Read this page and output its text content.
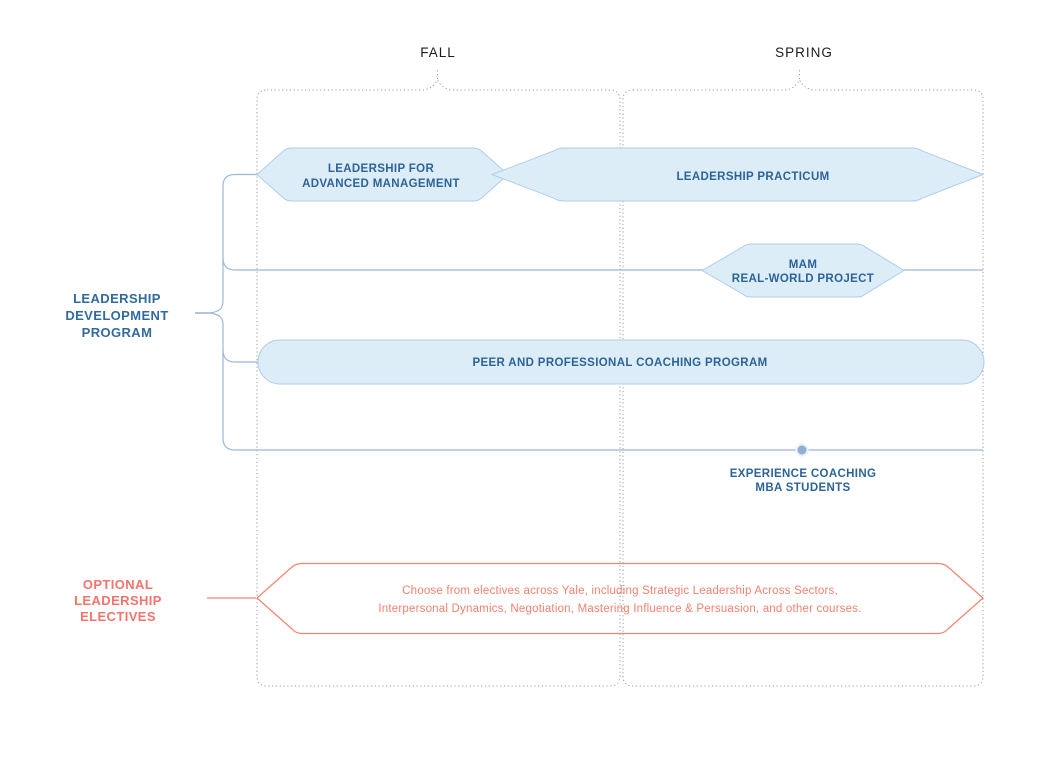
FALL	SPRING
LEADERSHIP
DEVELOPMENT
PROGRAM
LEADERSHIP FOR
ADVANCED MANAGEMENT
LEADERSHIP PRACTICUM
MAM
REAL-WORLD PROJECT
PEER AND PROFESSIONAL COACHING PROGRAM
EXPERIENCE COACHING
MBA STUDENTS
OPTIONAL
LEADERSHIP
ELECTIVES
Choose from electives across Yale, including Strategic Leadership Across Sectors,
Interpersonal Dynamics, Negotiation, Mastering Influence & Persuasion, and other courses.
